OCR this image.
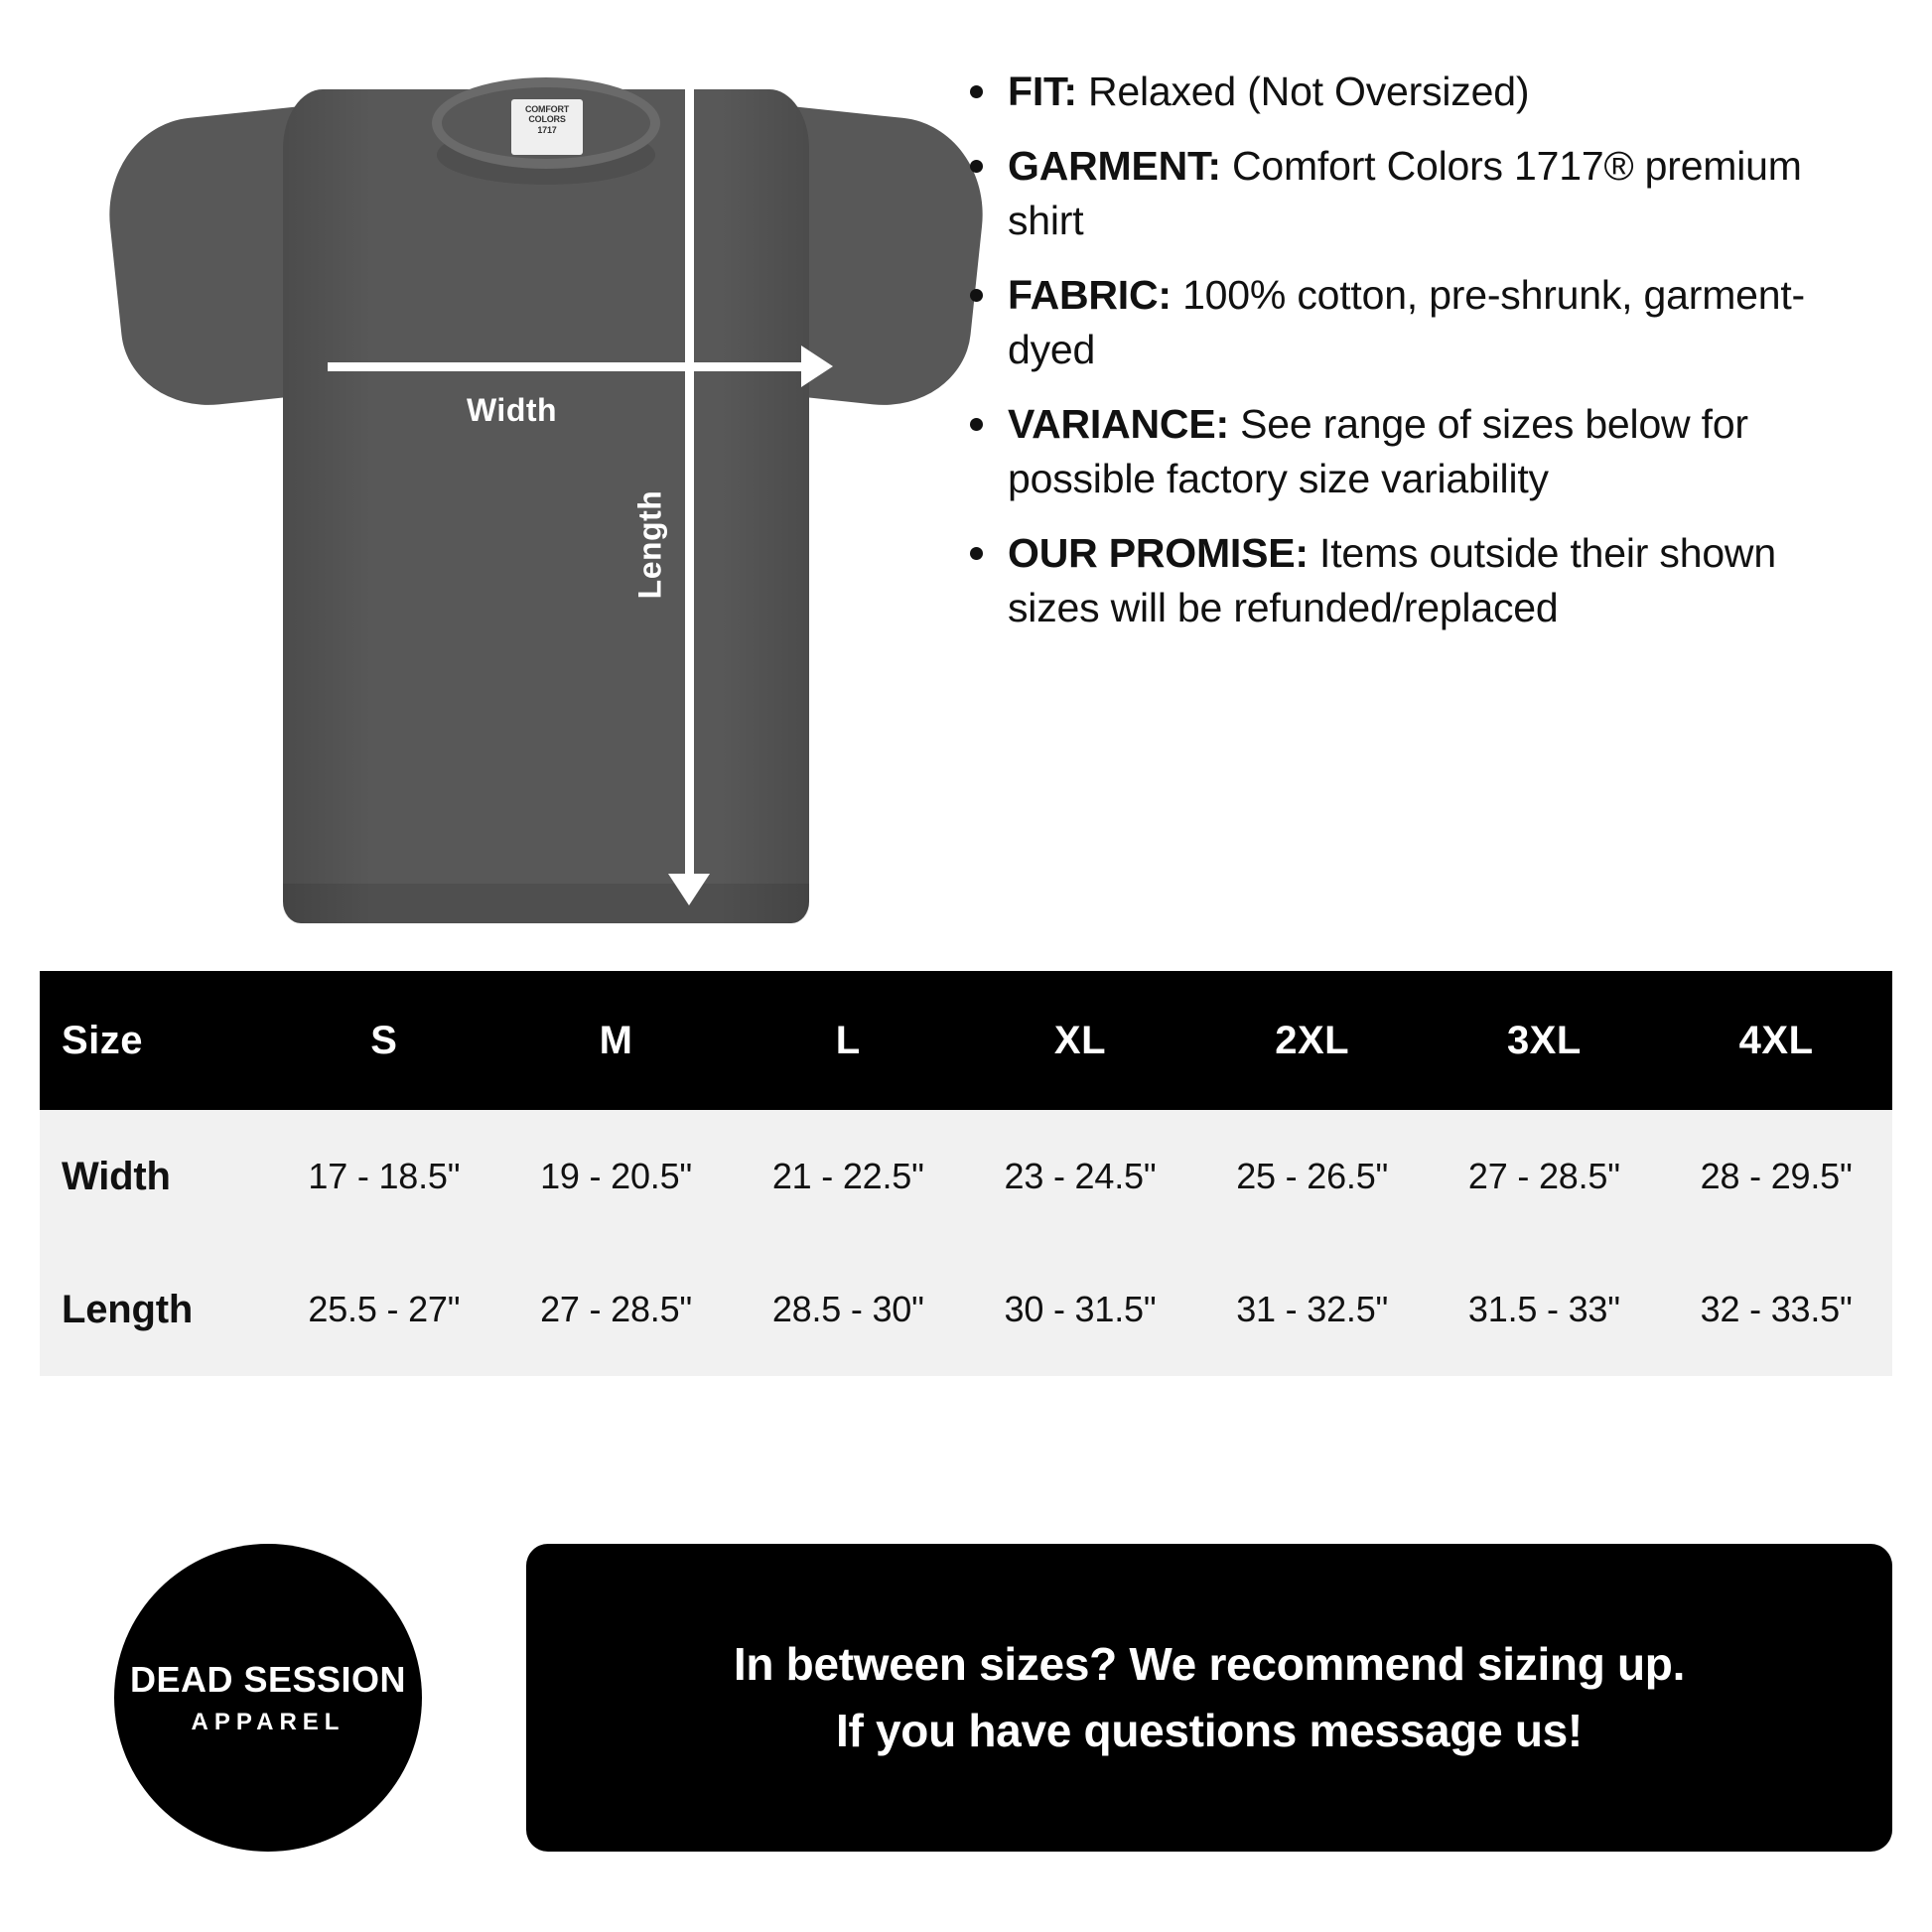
COMFORT
COLORS
1717
Width
Length
FIT: Relaxed (Not Oversized)
GARMENT: Comfort Colors 1717® premium shirt
FABRIC: 100% cotton, pre-shrunk, garment-dyed
VARIANCE: See range of sizes below for possible factory size variability
OUR PROMISE: Items outside their shown sizes will be refunded/replaced
Size	S	M	L	XL	2XL	3XL	4XL
Width	17 - 18.5"	19 - 20.5"	21 - 22.5"	23 - 24.5"	25 - 26.5"	27 - 28.5"	28 - 29.5"
Length	25.5 - 27"	27 - 28.5"	28.5 - 30"	30 - 31.5"	31 - 32.5"	31.5 - 33"	32 - 33.5"
DEAD SESSION
APPAREL
In between sizes? We recommend sizing up.
If you have questions message us!
